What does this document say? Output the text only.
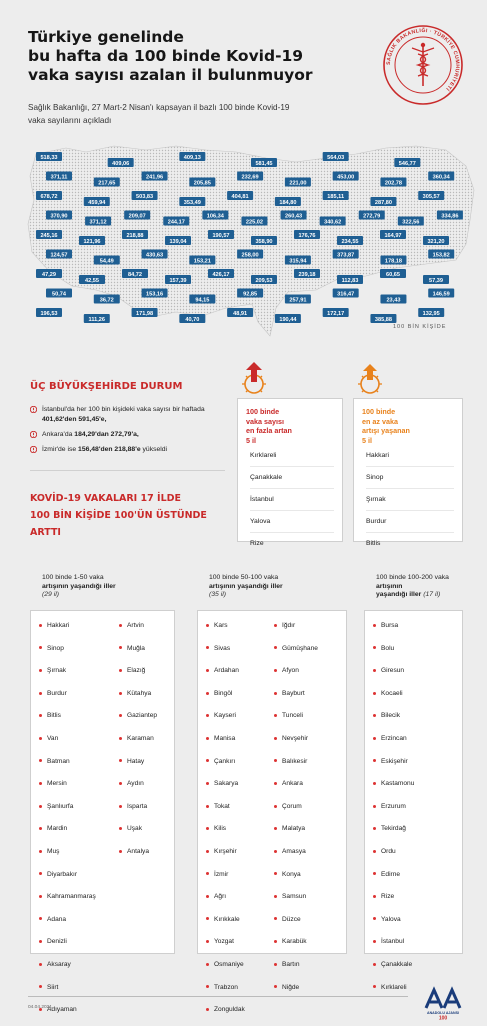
Türkiye genelinde
bu hafta da 100 binde Kovid-19
vaka sayısı azalan il bulunmuyor
Sağlık Bakanlığı, 27 Mart-2 Nisan'ı kapsayan il bazlı 100 binde Kovid-19
vaka sayılarını açıkladı
SAĞLIK BAKANLIĞI · TÜRKİYE CUMHURİYETİ
518,33
409,06
409,13
581,45
564,03
546,77
371,11
217,65
241,96
205,85
232,69
221,00
453,00
202,78
360,34
678,72
459,94
503,83
353,49
404,81
184,80
185,11
287,80
305,57
370,90
371,12
209,07
244,17
106,34
225,02
260,43
340,62
272,79
322,56
334,86
245,16
121,96
218,88
139,04
190,57
358,90
176,76
234,55
164,97
321,20
124,57
54,49
430,63
153,21
258,00
315,94
373,87
178,18
153,82
47,29
42,55
84,72
157,39
426,17
209,53
239,18
112,83
60,65
57,39
50,74
36,72
153,16
94,15
92,85
257,91
316,47
23,43
146,59
196,53
111,26
171,98
40,70
48,91
190,44
172,17
385,88
132,95
100 BİN KİŞİDE
ÜÇ BÜYÜKŞEHİRDE DURUM
İstanbul'da her 100 bin kişideki vaka sayısı bir haftada 401,62'den 591,45'e,
Ankara'da 184,29'dan 272,79'a,
İzmir'de ise 156,48'den 218,88'e yükseldi
100 binde
vaka sayısı
en fazla artan
5 il
Kırklareli
Çanakkale
İstanbul
Yalova
Rize
100 binde
en az vaka
artışı yaşanan
5 il
Hakkari
Sinop
Şırnak
Burdur
Bitlis
KOVİD-19 VAKALARI 17 İLDE
100 BİN KİŞİDE 100'ÜN ÜSTÜNDE
ARTTI
100 binde 1-50 vaka
artışının yaşandığı iller
(29 il)
Hakkari
Sinop
Şırnak
Burdur
Bitlis
Van
Batman
Mersin
Şanlıurfa
Mardin
Muş
Diyarbakır
Kahramanmaraş
Adana
Denizli
Aksaray
Siirt
Adıyaman
Artvin
Muğla
Elazığ
Kütahya
Gaziantep
Karaman
Hatay
Aydın
Isparta
Uşak
Antalya
100 binde 50-100 vaka
artışının yaşandığı iller
(35 il)
Kars
Sivas
Ardahan
Bingöl
Kayseri
Manisa
Çankırı
Sakarya
Tokat
Kilis
Kırşehir
İzmir
Ağrı
Kırıkkale
Yozgat
Osmaniye
Trabzon
Zonguldak
Iğdır
Gümüşhane
Afyon
Bayburt
Tunceli
Nevşehir
Balıkesir
Ankara
Çorum
Malatya
Amasya
Konya
Samsun
Düzce
Karabük
Bartın
Niğde
100 binde 100-200 vaka
artışının
yaşandığı iller (17 il)
Bursa
Bolu
Giresun
Kocaeli
Bilecik
Erzincan
Eskişehir
Kastamonu
Erzurum
Tekirdağ
Ordu
Edirne
Rize
Yalova
İstanbul
Çanakkale
Kırklareli
04.04.2021
ANADOLU AJANSI
100
